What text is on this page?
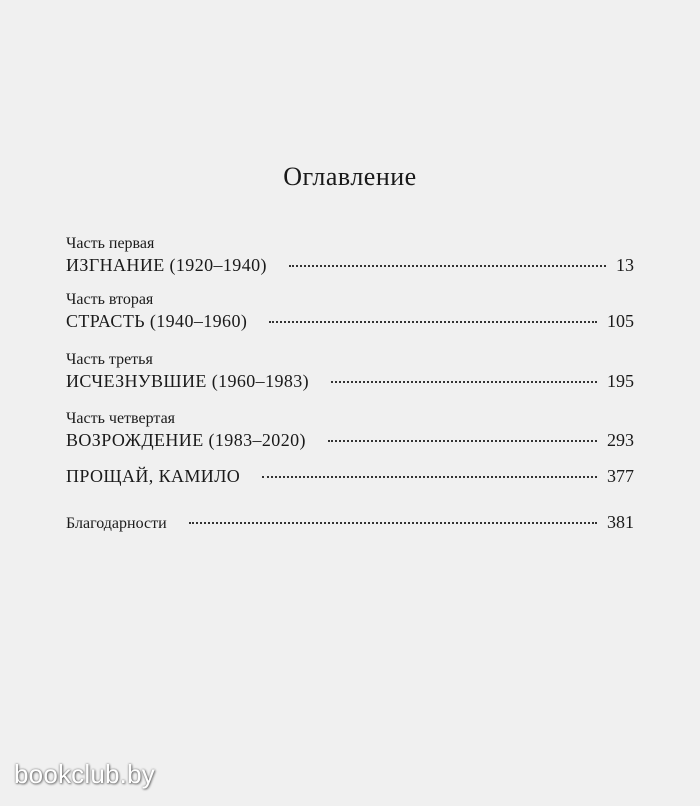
Оглавление
Часть первая
ИЗГНАНИЕ (1920–1940)	13
Часть вторая
СТРАСТЬ (1940–1960)	105
Часть третья
ИСЧЕЗНУВШИЕ (1960–1983)	195
Часть четвертая
ВОЗРОЖДЕНИЕ (1983–2020)	293
ПРОЩАЙ, КАМИЛО	377
Благодарности	381
bookclub.by
